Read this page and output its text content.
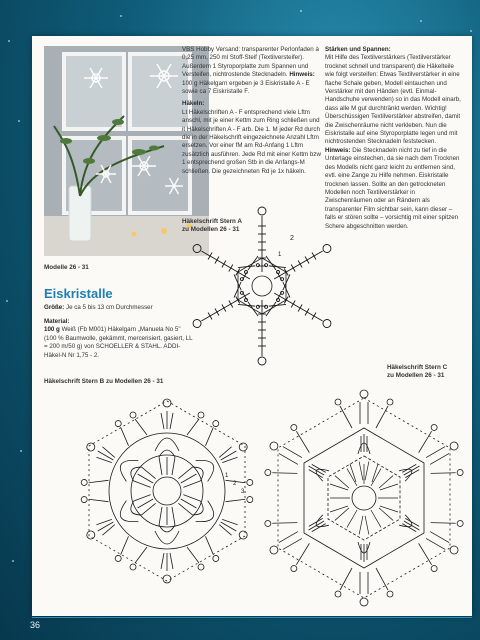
VBS Hobby Versand: transparenter Perlonfaden à 0,25 mm, 250 ml Stoff-Steif (Textilversteifer). Außerdem 1 Styroporplatte zum Spannen und Versteifen, nichtrostende Stecknadeln. Hinweis: 100 g Häkelgarn ergeben je 3 Eiskristalle A - E sowie ca 7 Eiskristalle F.

Häkeln:
Lt Häkelschriften A - F entsprechend viele Lftm anschl, mit je einer Kettm zum Ring schließen und it Häkelschriften A - F arb. Die 1. M jeder Rd durch die in der Häkelschrift eingezeichnete Anzahl Lftm ersetzen. Vor einer fM am Rd-Anfang 1 Lftm zusätzlich ausführen. Jede Rd mit einer Kettm bzw 1 entsprechend großen Stb in die Anfangs-M schließen. Die gezeichneten Rd je 1x häkeln.

Stärken und Spannen:
Mit Hilfe des Textilverstärkers (Textilverstärker trocknet schnell und transparent) die Häkelteile wie folgt versteifen: Etwas Textilverstärker in eine flache Schale geben, Modell eintauchen und Verstärker mit den Händen (evtl. Einmal-Handschuhe verwenden) so in das Modell einarb, dass alle M gut durchtränkt werden. Wichtig! Überschüssigen Textilverstärker abstreifen, damit die Zwischenräume nicht verkleben. Nun die Eiskristalle auf eine Styroporplatte legen und mit nichtrostenden Stecknadeln feststecken. Hinweis: Die Stecknadeln nicht zu tief in die Unterlage einstechen, da sie nach dem Trocknen des Modells nicht ganz leicht zu entfernen sind, evtl. eine Zange zu Hilfe nehmen. Eiskristalle trocknen lassen. Sollte an den getrockneten Modellen noch Textilverstärker in Zwischenräumen oder an Rändern als transparenter Film sichtbar sein, kann dieser – falls er stören sollte – vorsichtig mit einer spitzen Schere abgeschnitten werden.

Modelle 26 - 31
Eiskristalle

Größe: Je ca 5 bis 13 cm Durchmesser

Material:
100 g Weiß (Fb M001) Häkelgarn „Manuela No 5" (100 % Baumwolle, gekämmt, mercerisiert, gasiert, LL = 200 m/50 g) von SCHOELLER & STAHL. ADDI-Häkel-N Nr 1,75 - 2.

Häkelschrift Stern A
zu Modellen 26 - 31
Häkelschrift Stern B zu Modellen 26 - 31
Häkelschrift Stern C
zu Modellen 26 - 31
2
1
1
2
3
36
